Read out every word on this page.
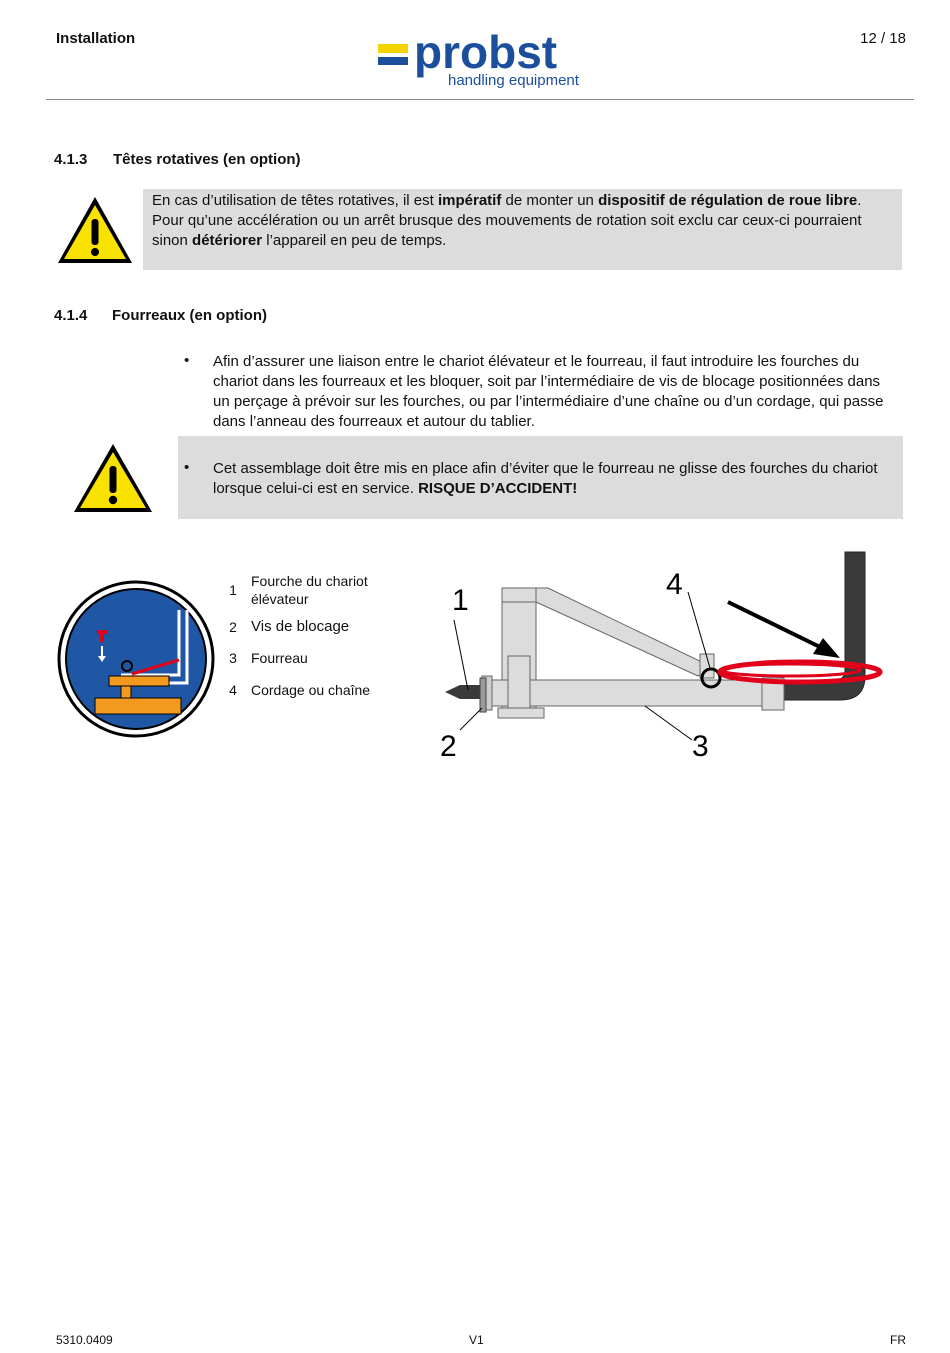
Installation	probst
handling equipment
12 / 18
4.1.3 Têtes rotatives (en option)
En cas d’utilisation de têtes rotatives, il est impératif de monter un dispositif de régulation de roue libre. Pour qu’une accélération ou un arrêt brusque des mouvements de rotation soit exclu car ceux-ci pourraient sinon détériorer l’appareil en peu de temps.
4.1.4 Fourreaux (en option)
• Afin d’assurer une liaison entre le chariot élévateur et le fourreau, il faut introduire les fourches du chariot dans les fourreaux et les bloquer, soit par l’intermédiaire de vis de blocage positionnées dans un perçage à prévoir sur les fourches, ou par l’intermédiaire d’une chaîne ou d’un cordage, qui passe dans l’anneau des fourreaux et autour du tablier.
• Cet assemblage doit être mis en place afin d’éviter que le fourreau ne glisse des fourches du chariot lorsque celui-ci est en service. RISQUE D’ACCIDENT!
1
Fourche du chariot élévateur
2 Vis de blocage
3 Fourreau
4 Cordage ou chaîne
1
2	3
4
5310.0409	V1	FR
